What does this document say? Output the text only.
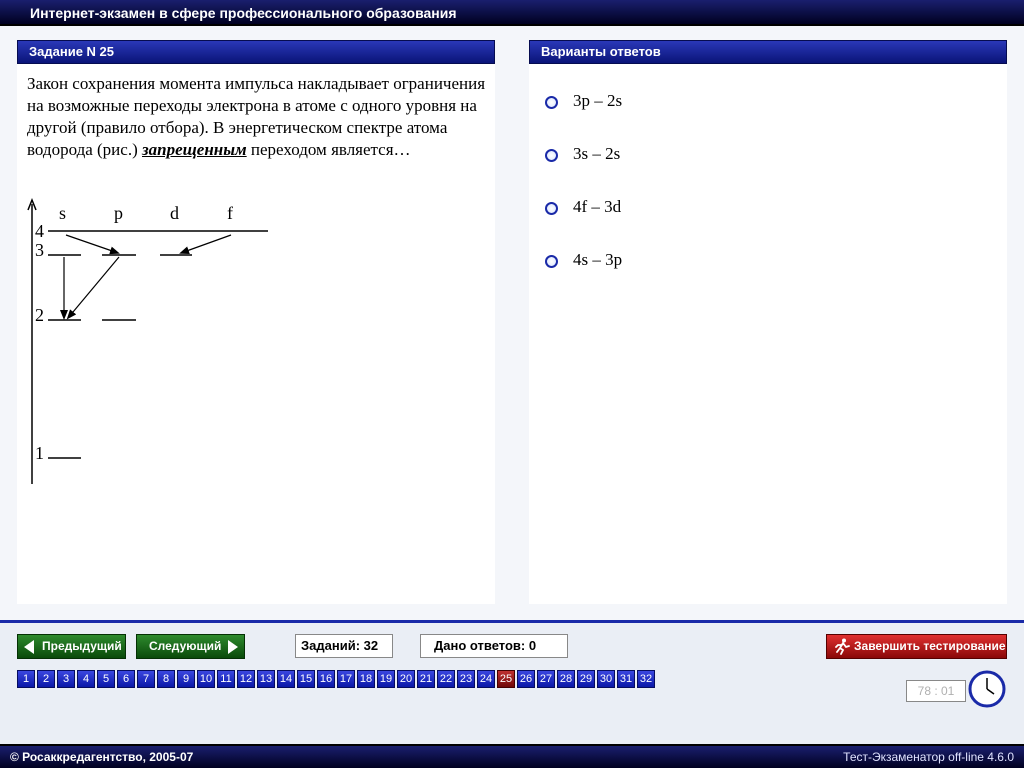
Интернет-экзамен в сфере профессионального образования
Задание N 25
Закон сохранения момента импульса накладывает ограничения на возможные переходы электрона в атоме с одного уровня на другой (правило отбора). В энергетическом спектре атома водорода (рис.) запрещенным переходом является…
s	p	d	f
4
3
2
1
Варианты ответов
3p – 2s
3s – 2s
4f – 3d
4s – 3p
Предыдущий	Следующий	Заданий: 32	Дано ответов: 0	Завершить тестирование
1	2	3	4	5	6	7	8	9 10 11 12 13 14 15 16 17 18 19 20 21 22 23 24 25 26 27 28 29 30 31 32
78 : 01
© Росаккредагентство, 2005-07	Тест-Экзаменатор off-line 4.6.0
